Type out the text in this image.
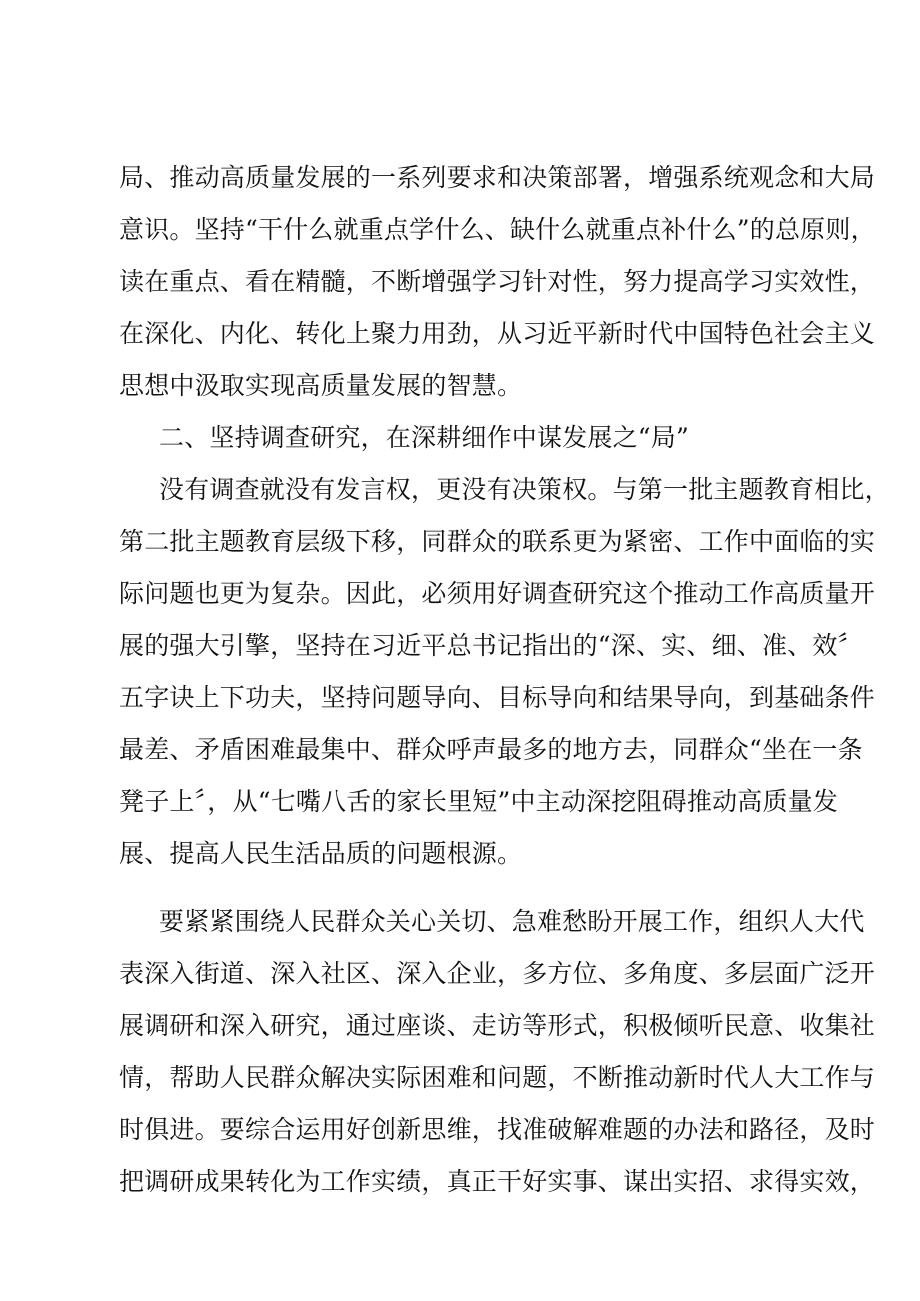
局、推动高质量发展的一系列要求和决策部署，增强系统观念和大局
意识。坚持“干什么就重点学什么、缺什么就重点补什么”的总原则，
读在重点、看在精髓，不断增强学习针对性，努力提高学习实效性，
在深化、内化、转化上聚力用劲，从习近平新时代中国特色社会主义
思想中汲取实现高质量发展的智慧。
二、坚持调查研究，在深耕细作中谋发展之“局”
没有调查就没有发言权，更没有决策权。与第一批主题教育相比，
第二批主题教育层级下移，同群众的联系更为紧密、工作中面临的实
际问题也更为复杂。因此，必须用好调查研究这个推动工作高质量开
展的强大引擎，坚持在习近平总书记指出的“深、实、细、准、效〞
五字诀上下功夫，坚持问题导向、目标导向和结果导向，到基础条件
最差、矛盾困难最集中、群众呼声最多的地方去，同群众“坐在一条
凳子上〞，从“七嘴八舌的家长里短”中主动深挖阻碍推动高质量发
展、提高人民生活品质的问题根源。
要紧紧围绕人民群众关心关切、急难愁盼开展工作，组织人大代
表深入街道、深入社区、深入企业，多方位、多角度、多层面广泛开
展调研和深入研究，通过座谈、走访等形式，积极倾听民意、收集社
情，帮助人民群众解决实际困难和问题，不断推动新时代人大工作与
时俱进。要综合运用好创新思维，找准破解难题的办法和路径，及时
把调研成果转化为工作实绩，真正干好实事、谋出实招、求得实效，
